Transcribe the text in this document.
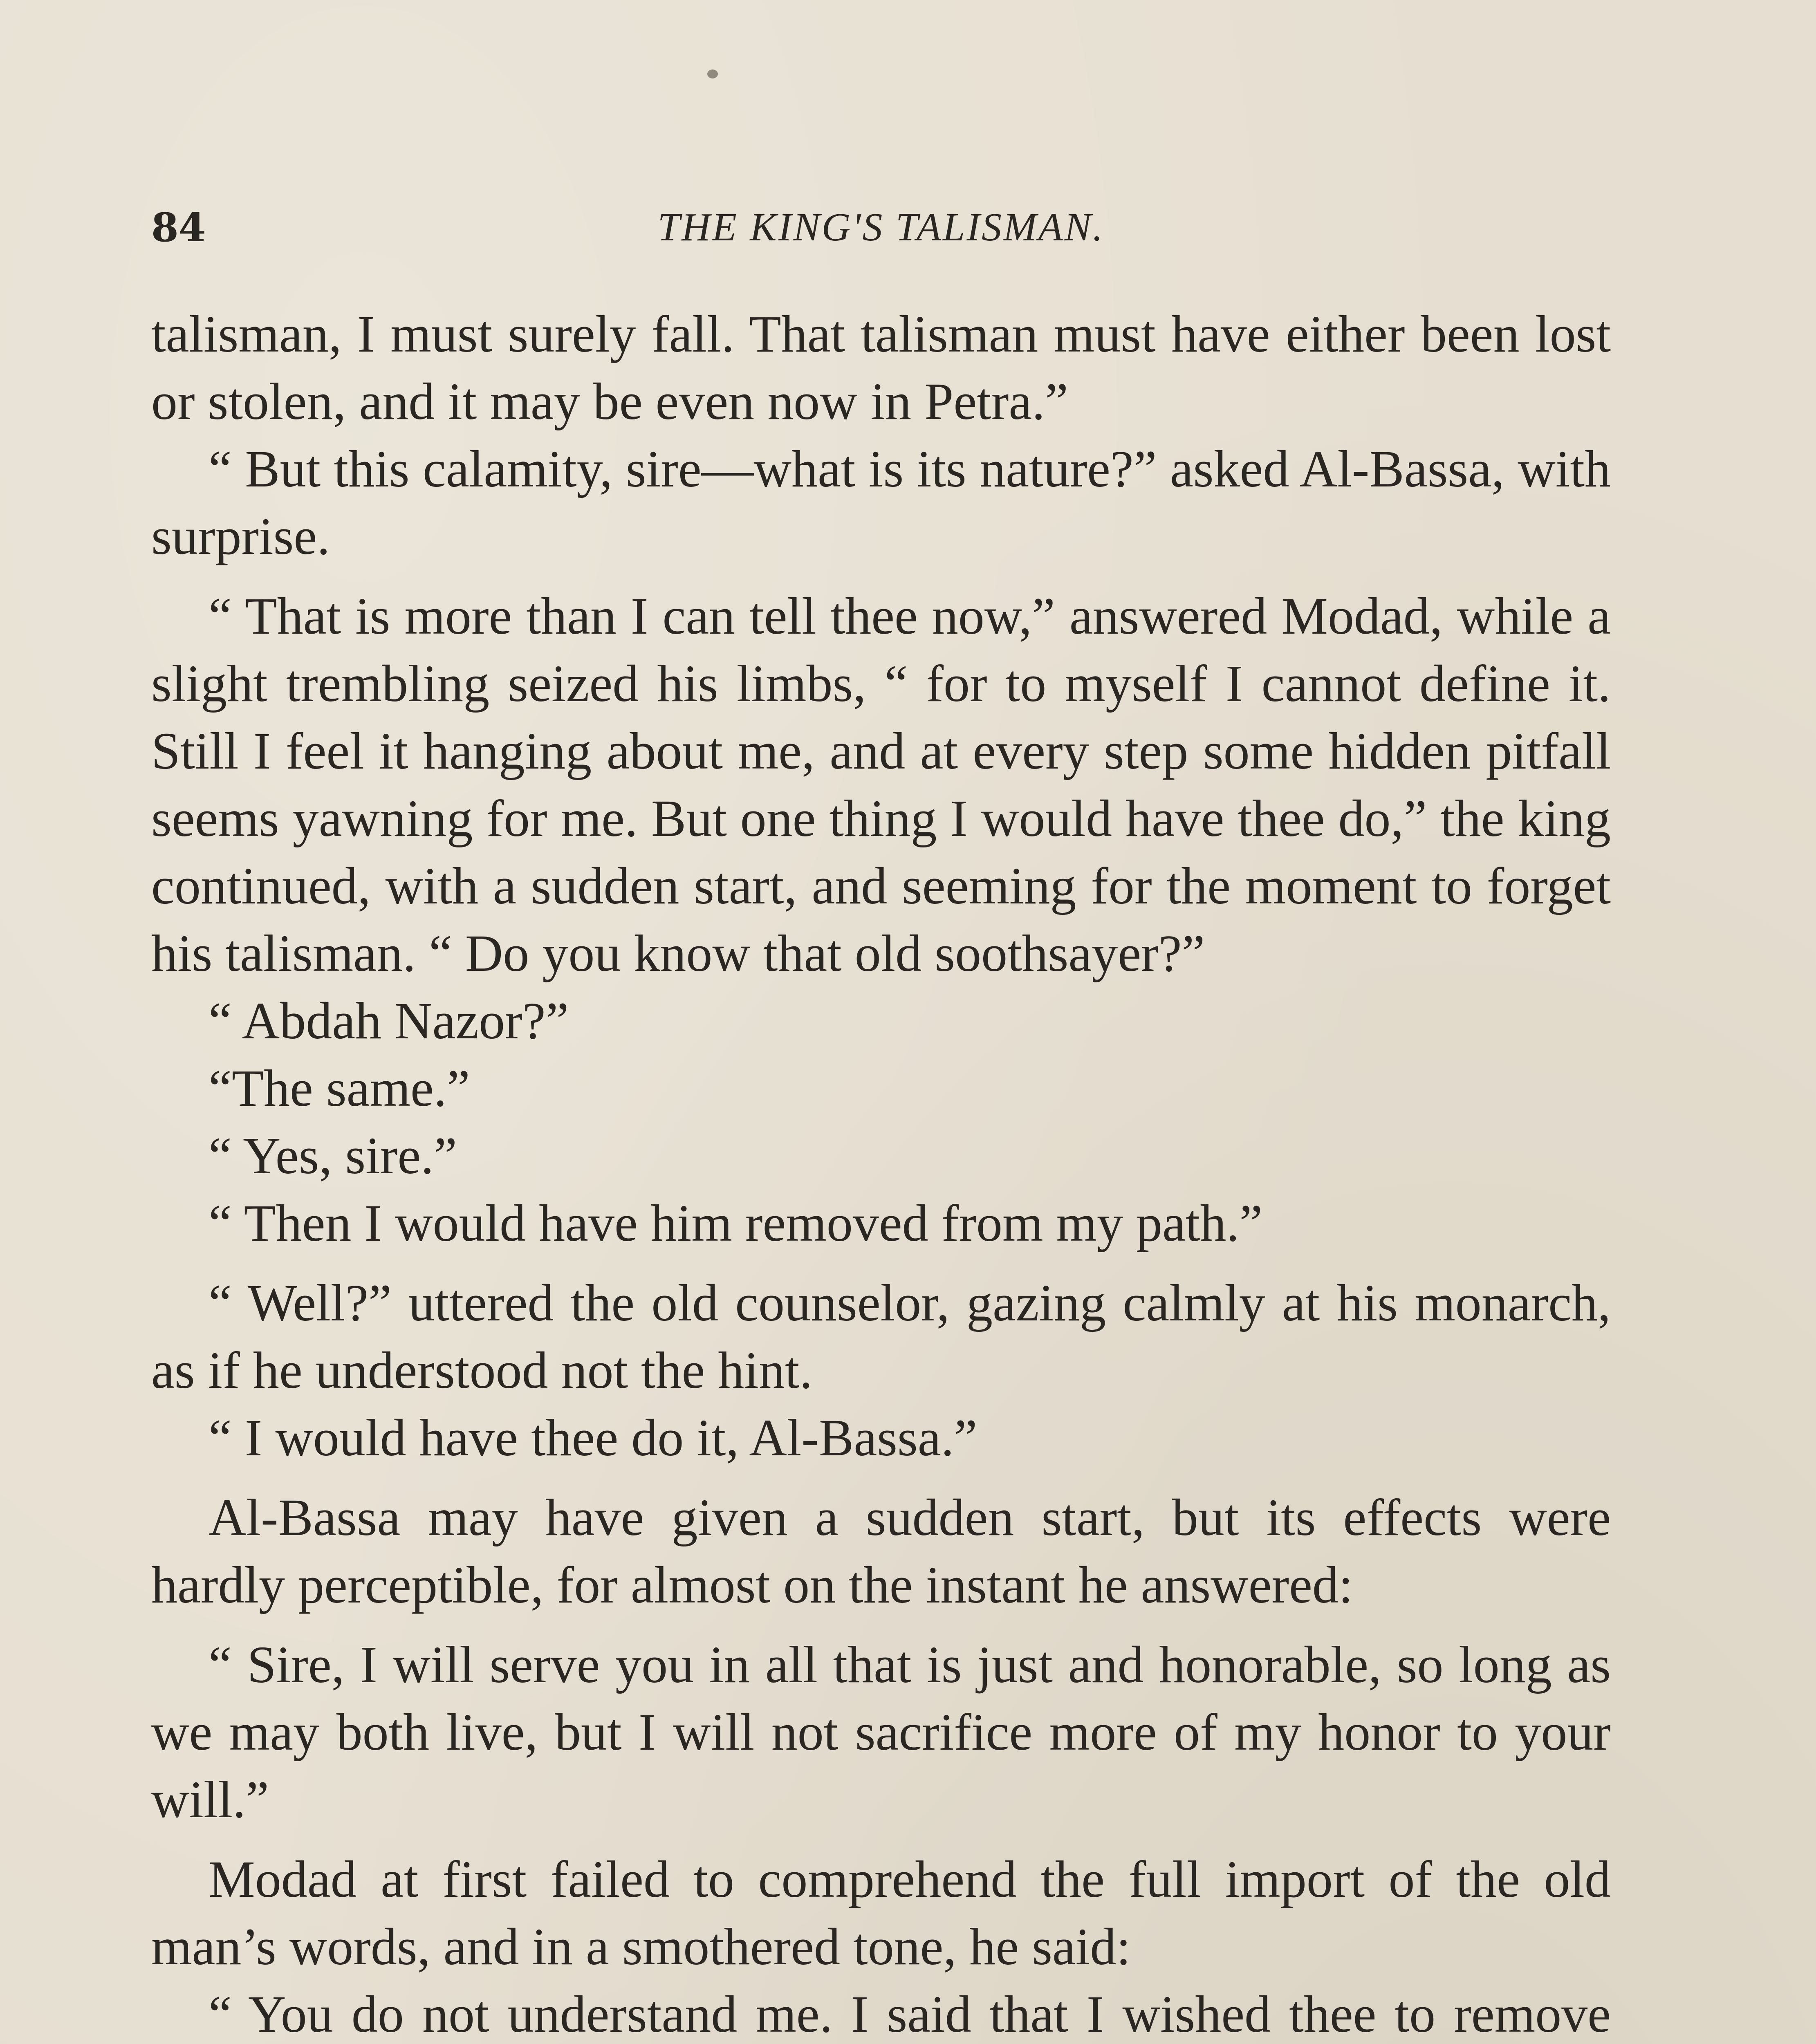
84	THE KING'S TALISMAN.

talisman, I must surely fall. That talisman must have either been lost or stolen, and it may be even now in Petra.”

“ But this calamity, sire—what is its nature?” asked Al-Bassa, with surprise.

“ That is more than I can tell thee now,” answered Modad, while a slight trembling seized his limbs, “ for to myself I cannot define it. Still I feel it hanging about me, and at every step some hidden pitfall seems yawning for me. But one thing I would have thee do,” the king continued, with a sudden start, and seeming for the moment to forget his talisman. “ Do you know that old soothsayer?”

“ Abdah Nazor?”

“The same.”

“ Yes, sire.”

“ Then I would have him removed from my path.”

“ Well?” uttered the old counselor, gazing calmly at his monarch, as if he understood not the hint.

“ I would have thee do it, Al-Bassa.”

Al-Bassa may have given a sudden start, but its effects were hardly perceptible, for almost on the instant he answered:

“ Sire, I will serve you in all that is just and honorable, so long as we may both live, but I will not sacrifice more of my honor to your will.”

Modad at first failed to comprehend the full import of the old man’s words, and in a smothered tone, he said:

“ You do not understand me. I said that I wished thee to remove
